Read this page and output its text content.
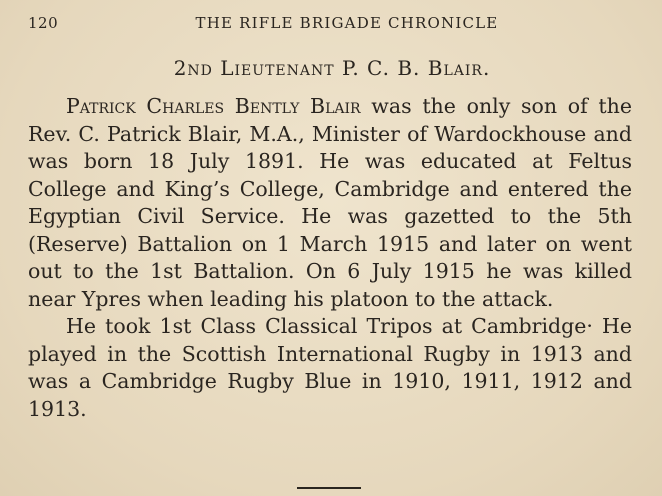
120	THE RIFLE BRIGADE CHRONICLE
2nd Lieutenant P. C. B. Blair.

Patrick Charles Bently Blair was the only son of the Rev. C. Patrick Blair, M.A., Minister of Wardockhouse and was born 18 July 1891. He was educated at Feltus College and King’s College, Cambridge and entered the Egyptian Civil Service. He was gazetted to the 5th (Reserve) Battalion on 1 March 1915 and later on went out to the 1st Battalion. On 6 July 1915 he was killed near Ypres when leading his platoon to the attack.

He took 1st Class Classical Tripos at Cambridge· He played in the Scottish International Rugby in 1913 and was a Cambridge Rugby Blue in 1910, 1911, 1912 and 1913.
